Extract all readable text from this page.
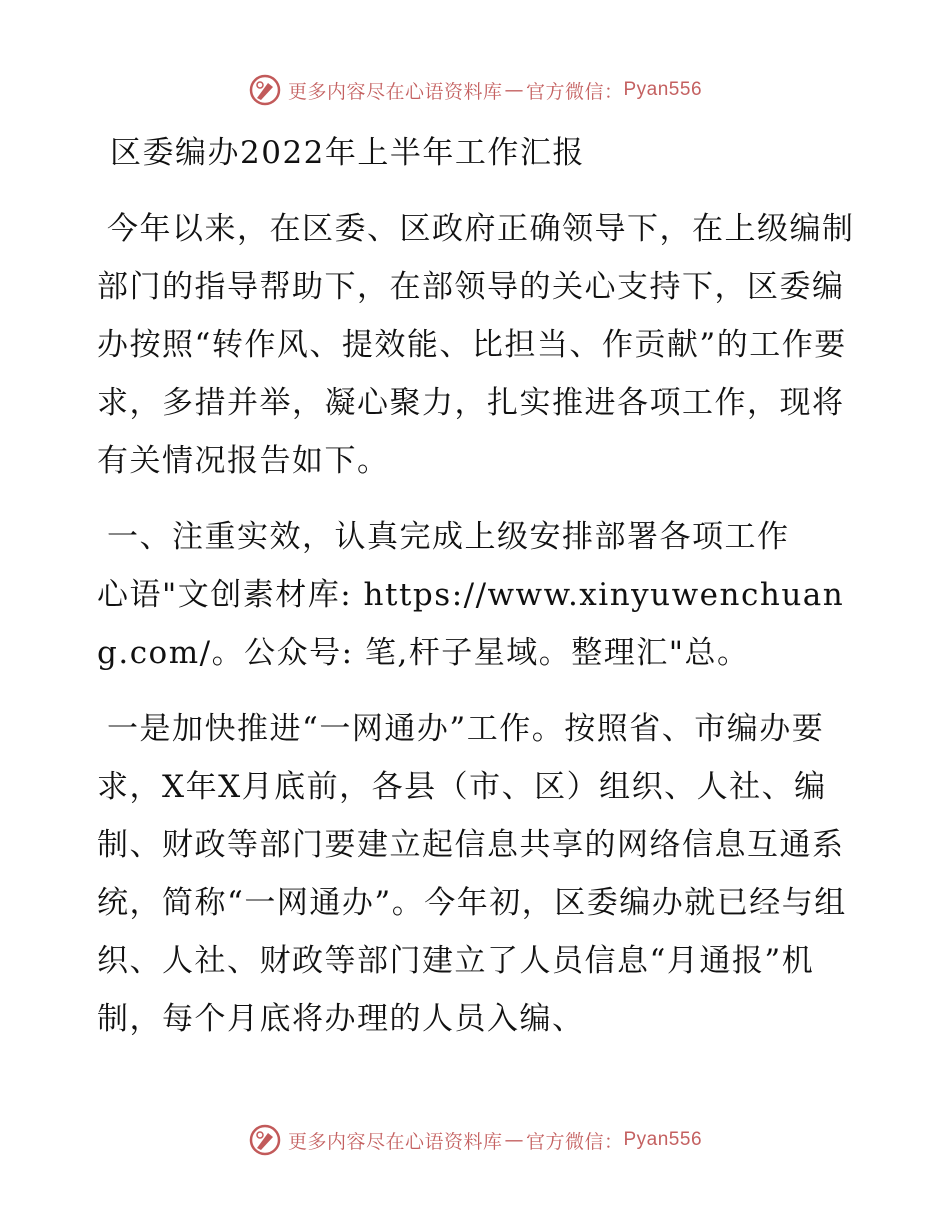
更多内容尽在心语资料库 — 官方微信： Pyan556
区委编办2022年上半年工作汇报

今年以来，在区委、区政府正确领导下，在上级编制部门的指导帮助下，在部领导的关心支持下，区委编办按照“转作风、提效能、比担当、作贡献”的工作要求，多措并举，凝心聚力，扎实推进各项工作，现将有关情况报告如下。

一、注重实效，认真完成上级安排部署各项工作

心语"文创素材库: https://www.xinyuwenchuang.com/。公众号: 笔,杆子星域。整理汇"总。

一是加快推进“一网通办”工作。按照省、市编办要求，X年X月底前，各县（市、区）组织、人社、编制、财政等部门要建立起信息共享的网络信息互通系统，简称“一网通办”。今年初，区委编办就已经与组织、人社、财政等部门建立了人员信息“月通报”机制，每个月底将办理的人员入编、

更多内容尽在心语资料库 — 官方微信： Pyan556
